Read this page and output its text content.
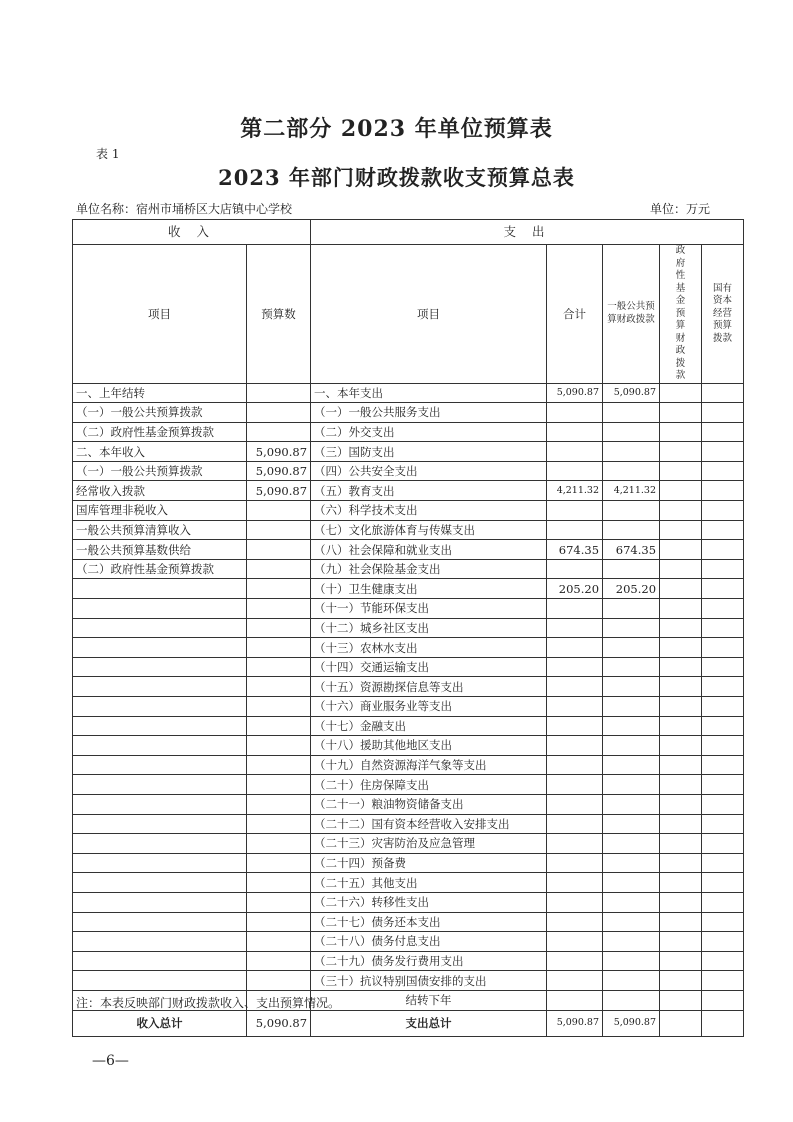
第二部分 2023 年单位预算表
表 1
2023 年部门财政拨款收支预算总表
单位名称：宿州市埇桥区大店镇中心学校	单位：万元
收 入		支 出				
项目	预算数	项目	合计	一般公共预算财政拨款	政府性基金预算财政拨款	国有资本经营预算拨款

一、上年结转		一、本年支出	5,090.87	5,090.87		
（一）一般公共预算拨款		（一）一般公共服务支出				
（二）政府性基金预算拨款		（二）外交支出				
二、本年收入	5,090.87	（三）国防支出				
（一）一般公共预算拨款	5,090.87	（四）公共安全支出				
经常收入拨款	5,090.87	（五）教育支出	4,211.32	4,211.32		
国库管理非税收入		（六）科学技术支出				
一般公共预算清算收入		（七）文化旅游体育与传媒支出				
一般公共预算基数供给		（八）社会保障和就业支出	674.35	674.35		
（二）政府性基金预算拨款		（九）社会保险基金支出				
		（十）卫生健康支出	205.20	205.20		
		（十一）节能环保支出				
		（十二）城乡社区支出				
		（十三）农林水支出				
		（十四）交通运输支出				
		（十五）资源勘探信息等支出				
		（十六）商业服务业等支出				
		（十七）金融支出				
		（十八）援助其他地区支出				
		（十九）自然资源海洋气象等支出				
		（二十）住房保障支出				
		（二十一）粮油物资储备支出				
		（二十二）国有资本经营收入安排支出				
		（二十三）灾害防治及应急管理				
		（二十四）预备费				
		（二十五）其他支出				
		（二十六）转移性支出				
		（二十七）债务还本支出				
		（二十八）债务付息支出				
		（二十九）债务发行费用支出				
		（三十）抗议特别国债安排的支出				
		结转下年				
收入总计	5,090.87	支出总计	5,090.87	5,090.87		
注：本表反映部门财政拨款收入、支出预算情况。
—6—
